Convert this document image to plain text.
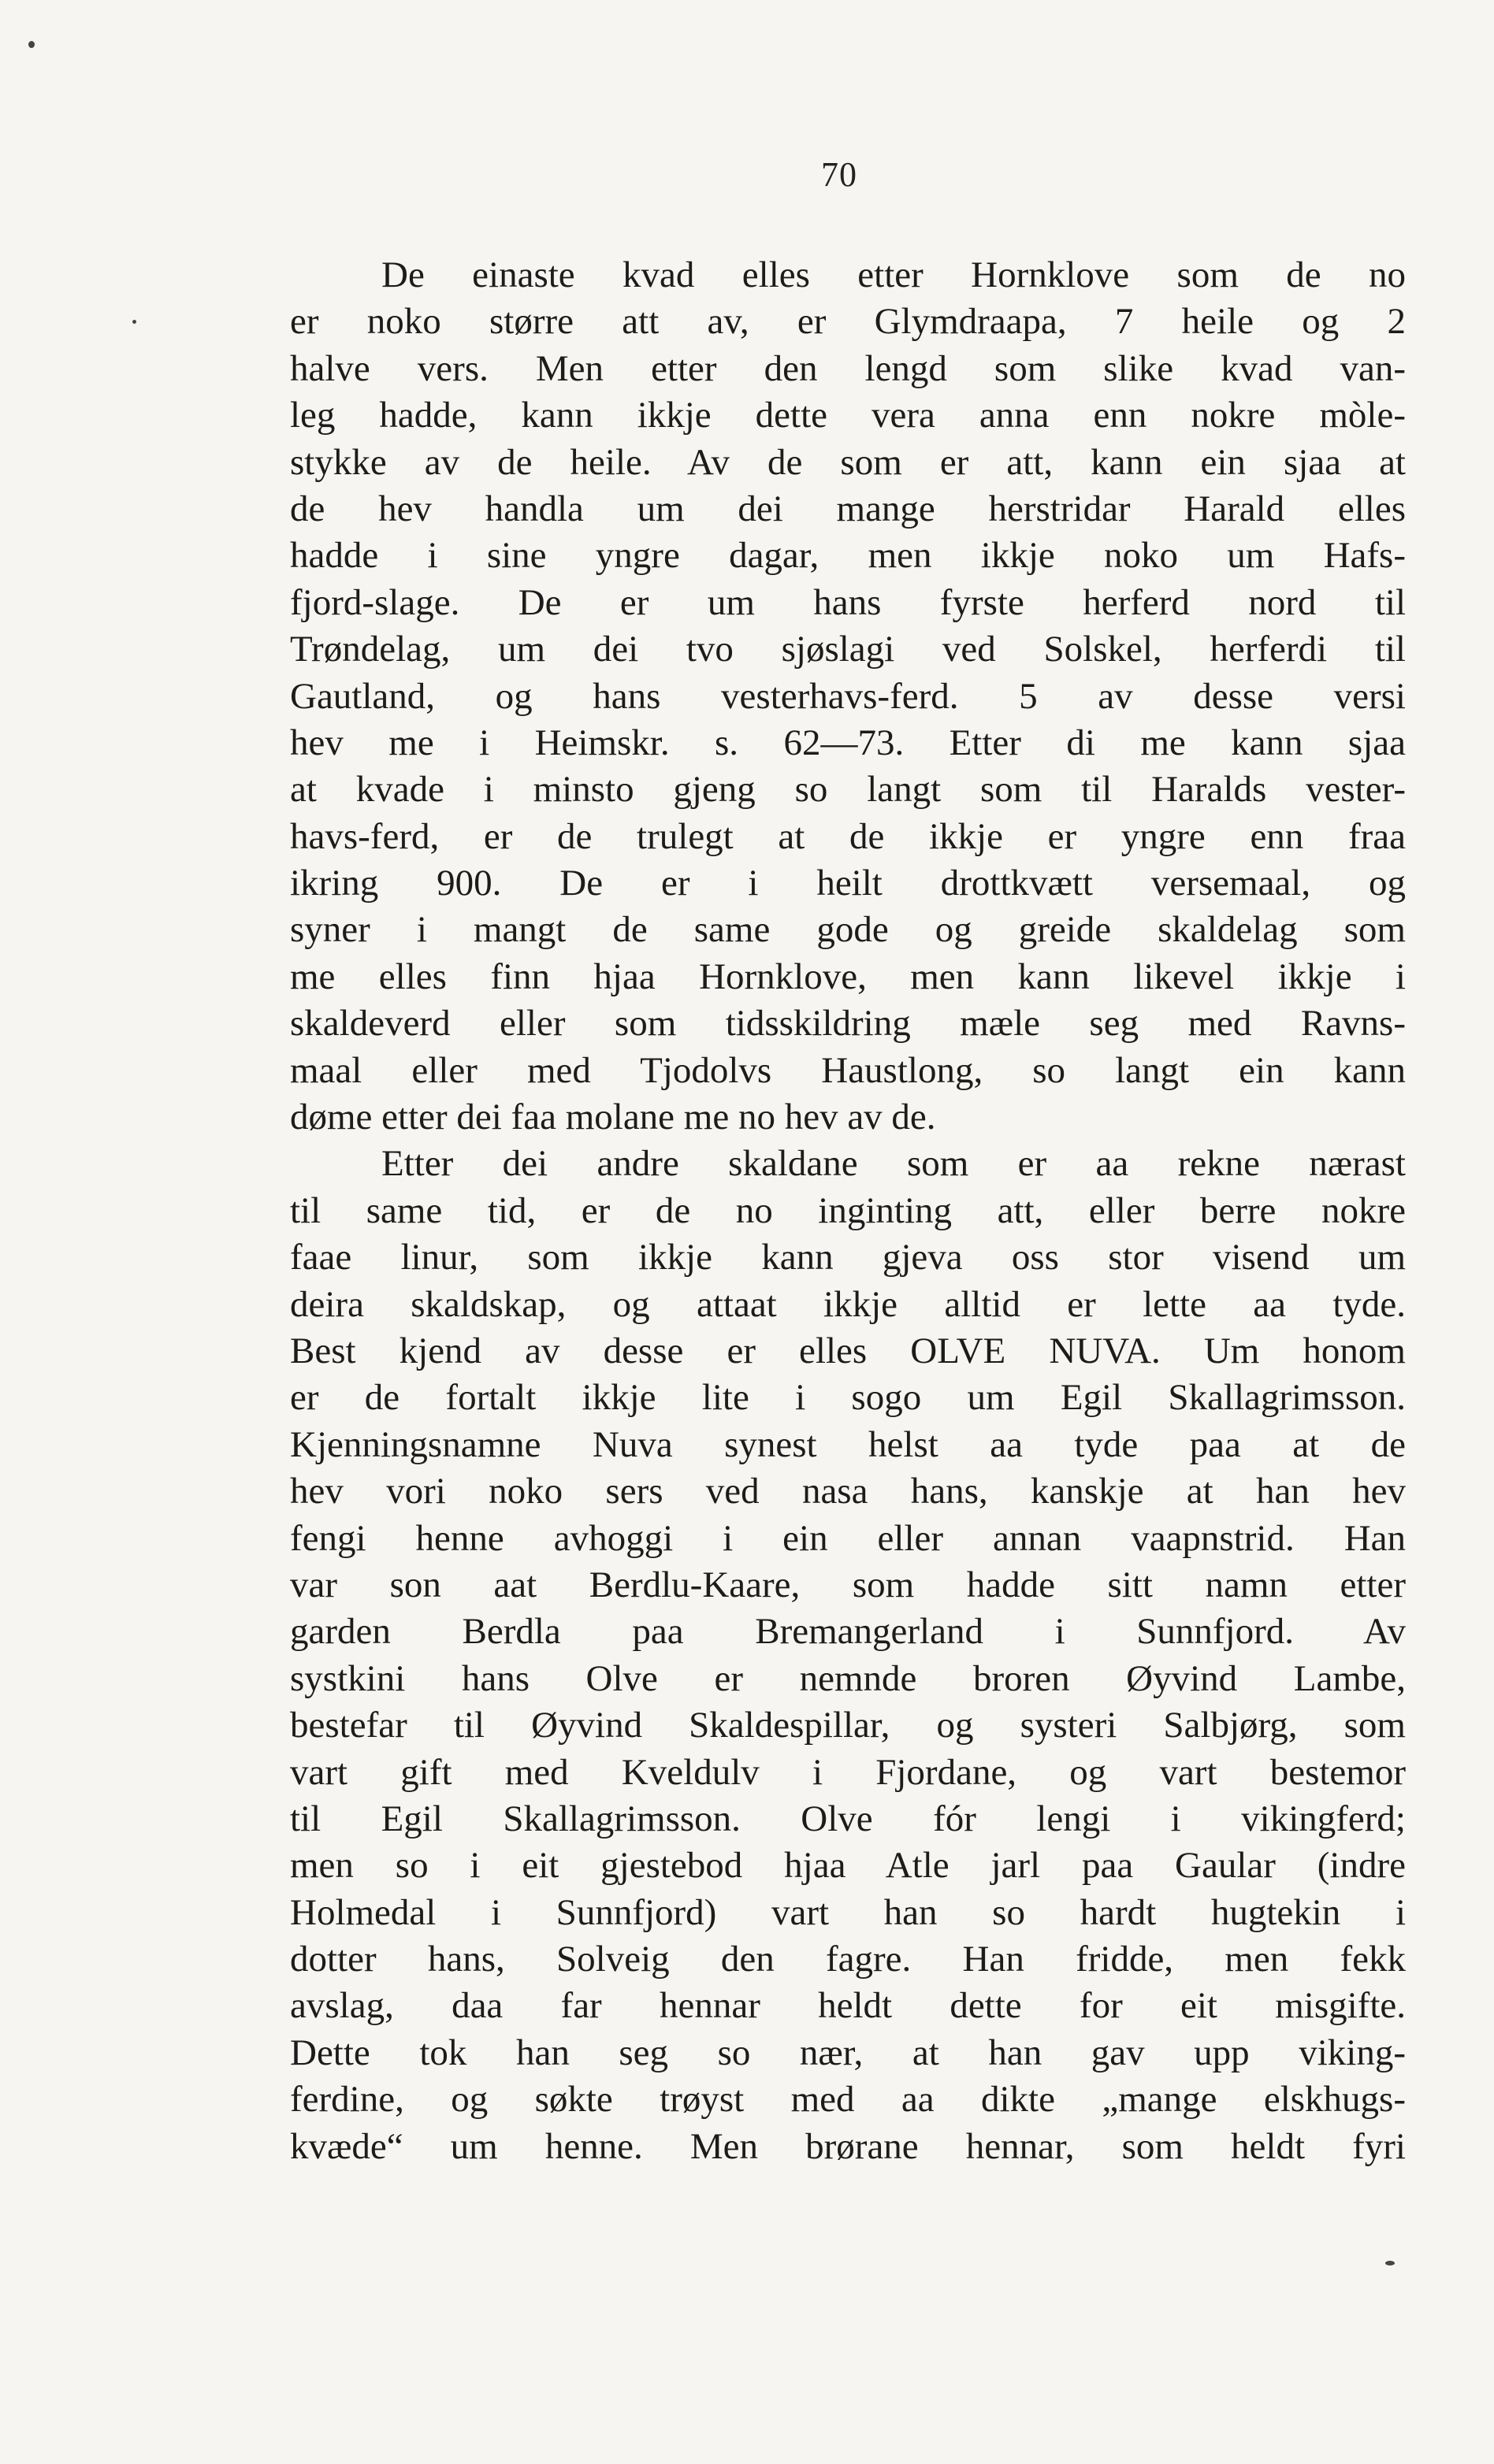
70
De einaste kvad elles etter Hornklove som de no
er noko større att av, er Glymdraapa, 7 heile og 2
halve vers. Men etter den lengd som slike kvad van-
leg hadde, kann ikkje dette vera anna enn nokre mòle-
stykke av de heile. Av de som er att, kann ein sjaa at
de hev handla um dei mange herstridar Harald elles
hadde i sine yngre dagar, men ikkje noko um Hafs-
fjord-slage. De er um hans fyrste herferd nord til
Trøndelag, um dei tvo sjøslagi ved Solskel, herferdi til
Gautland, og hans vesterhavs-ferd. 5 av desse versi
hev me i Heimskr. s. 62—73. Etter di me kann sjaa
at kvade i minsto gjeng so langt som til Haralds vester-
havs-ferd, er de trulegt at de ikkje er yngre enn fraa
ikring 900. De er i heilt drottkvætt versemaal, og
syner i mangt de same gode og greide skaldelag som
me elles finn hjaa Hornklove, men kann likevel ikkje i
skaldeverd eller som tidsskildring mæle seg med Ravns-
maal eller med Tjodolvs Haustlong, so langt ein kann
døme etter dei faa molane me no hev av de.
Etter dei andre skaldane som er aa rekne nærast
til same tid, er de no inginting att, eller berre nokre
faae linur, som ikkje kann gjeva oss stor visend um
deira skaldskap, og attaat ikkje alltid er lette aa tyde.
Best kjend av desse er elles OLVE NUVA. Um honom
er de fortalt ikkje lite i sogo um Egil Skallagrimsson.
Kjenningsnamne Nuva synest helst aa tyde paa at de
hev vori noko sers ved nasa hans, kanskje at han hev
fengi henne avhoggi i ein eller annan vaapnstrid. Han
var son aat Berdlu-Kaare, som hadde sitt namn etter
garden Berdla paa Bremangerland i Sunnfjord. Av
systkini hans Olve er nemnde broren Øyvind Lambe,
bestefar til Øyvind Skaldespillar, og systeri Salbjørg, som
vart gift med Kveldulv i Fjordane, og vart bestemor
til Egil Skallagrimsson. Olve fór lengi i vikingferd;
men so i eit gjestebod hjaa Atle jarl paa Gaular (indre
Holmedal i Sunnfjord) vart han so hardt hugtekin i
dotter hans, Solveig den fagre. Han fridde, men fekk
avslag, daa far hennar heldt dette for eit misgifte.
Dette tok han seg so nær, at han gav upp viking-
ferdine, og søkte trøyst med aa dikte „mange elskhugs-
kvæde“ um henne. Men brørane hennar, som heldt fyri
